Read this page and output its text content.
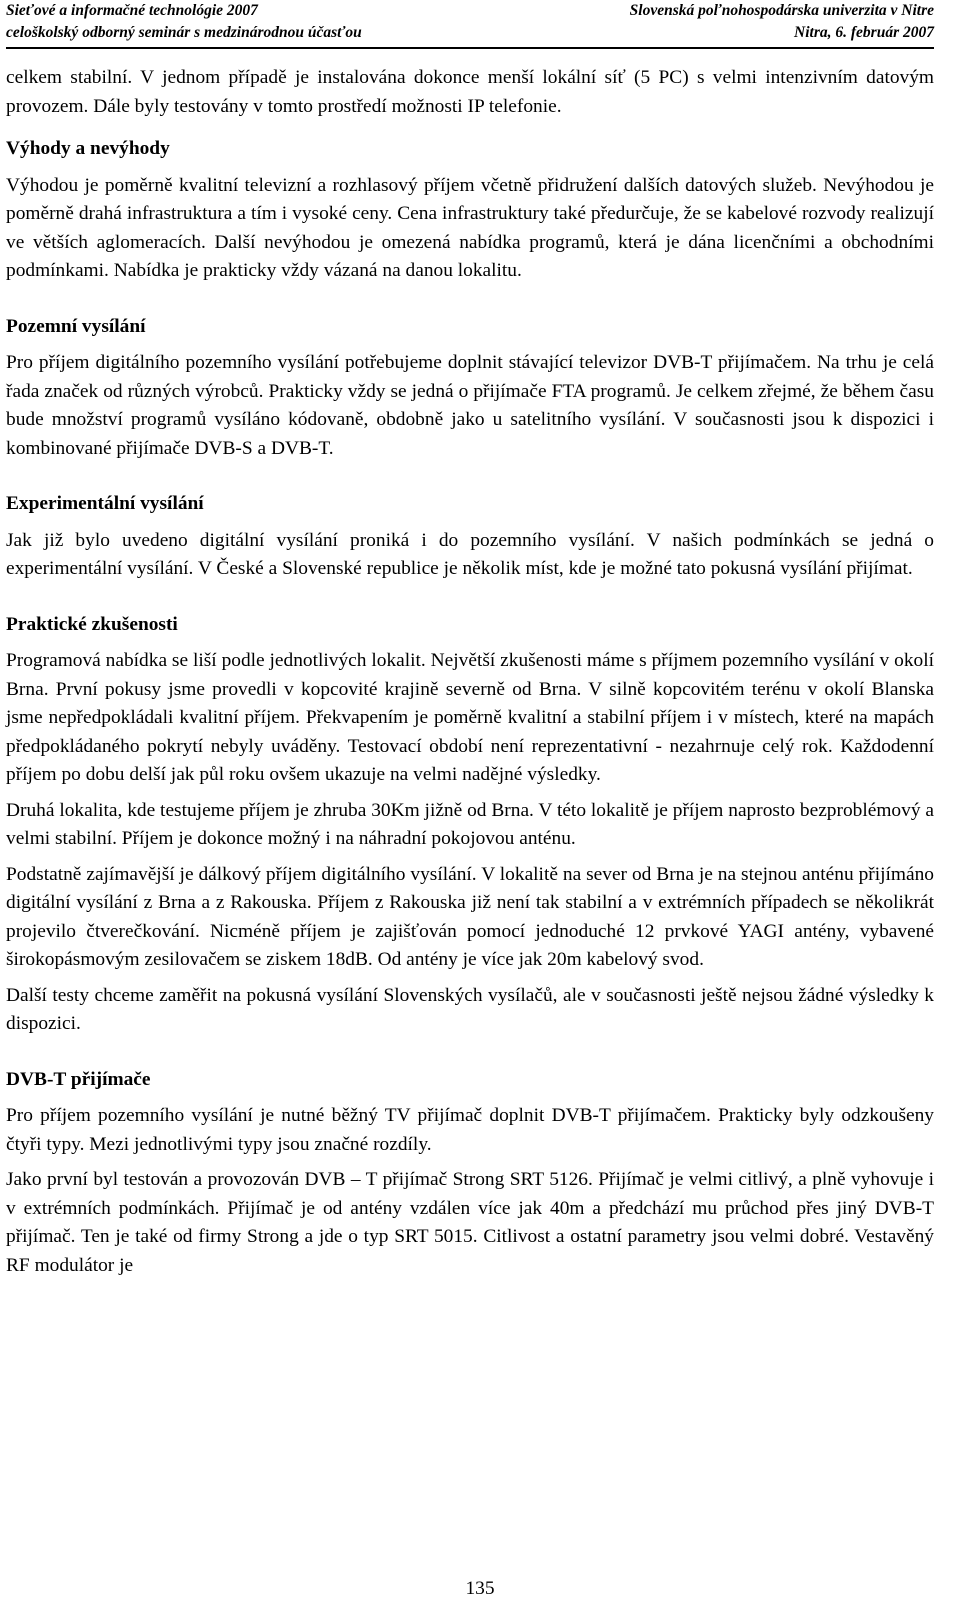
Sieťové a informačné technológie 2007	Slovenská poľnohospodárska univerzita v Nitre
celoškolský odborný seminár s medzinárodnou účasťou	Nitra, 6. február 2007

celkem stabilní. V jednom případě je instalována dokonce menší lokální síť (5 PC) s velmi intenzivním datovým provozem. Dále byly testovány v tomto prostředí možnosti IP telefonie.

Výhody a nevýhody

Výhodou je poměrně kvalitní televizní a rozhlasový příjem včetně přidružení dalších datových služeb. Nevýhodou je poměrně drahá infrastruktura a tím i vysoké ceny. Cena infrastruktury také předurčuje, že se kabelové rozvody realizují ve větších aglomeracích. Další nevýhodou je omezená nabídka programů, která je dána licenčními a obchodními podmínkami. Nabídka je prakticky vždy vázaná na danou lokalitu.

Pozemní vysílání

Pro příjem digitálního pozemního vysílání potřebujeme doplnit stávající televizor DVB-T přijímačem. Na trhu je celá řada značek od různých výrobců. Prakticky vždy se jedná o přijímače FTA programů. Je celkem zřejmé, že během času bude množství programů vysíláno kódovaně, obdobně jako u satelitního vysílání. V současnosti jsou k dispozici i kombinované přijímače DVB-S a DVB-T.

Experimentální vysílání

Jak již bylo uvedeno digitální vysílání proniká i do pozemního vysílání. V našich podmínkách se jedná o experimentální vysílání. V České a Slovenské republice je několik míst, kde je možné tato pokusná vysílání přijímat.

Praktické zkušenosti

Programová nabídka se liší podle jednotlivých lokalit. Největší zkušenosti máme s příjmem pozemního vysílání v okolí Brna. První pokusy jsme provedli v kopcovité krajině severně od Brna. V silně kopcovitém terénu v okolí Blanska jsme nepředpokládali kvalitní příjem. Překvapením je poměrně kvalitní a stabilní příjem i v místech, které na mapách předpokládaného pokrytí nebyly uváděny. Testovací období není reprezentativní - nezahrnuje celý rok. Každodenní příjem po dobu delší jak půl roku ovšem ukazuje na velmi nadějné výsledky.

Druhá lokalita, kde testujeme příjem je zhruba 30Km jižně od Brna. V této lokalitě je příjem naprosto bezproblémový a velmi stabilní. Příjem je dokonce možný i na náhradní pokojovou anténu.

Podstatně zajímavější je dálkový příjem digitálního vysílání. V lokalitě na sever od Brna je na stejnou anténu přijímáno digitální vysílání z Brna a z Rakouska. Příjem z Rakouska již není tak stabilní a v extrémních případech se několikrát projevilo čtverečkování. Nicméně příjem je zajišťován pomocí jednoduché 12 prvkové YAGI antény, vybavené širokopásmovým zesilovačem se ziskem 18dB. Od antény je více jak 20m kabelový svod.

Další testy chceme zaměřit na pokusná vysílání Slovenských vysílačů, ale v současnosti ještě nejsou žádné výsledky k dispozici.

DVB-T přijímače

Pro příjem pozemního vysílání je nutné běžný TV přijímač doplnit DVB-T přijímačem. Prakticky byly odzkoušeny čtyři typy. Mezi jednotlivými typy jsou značné rozdíly.

Jako první byl testován a provozován DVB – T přijímač Strong SRT 5126. Přijímač je velmi citlivý, a plně vyhovuje i v extrémních podmínkách. Přijímač je od antény vzdálen více jak 40m a předchází mu průchod přes jiný DVB-T přijímač. Ten je také od firmy Strong a jde o typ SRT 5015. Citlivost a ostatní parametry jsou velmi dobré. Vestavěný RF modulátor je

135
